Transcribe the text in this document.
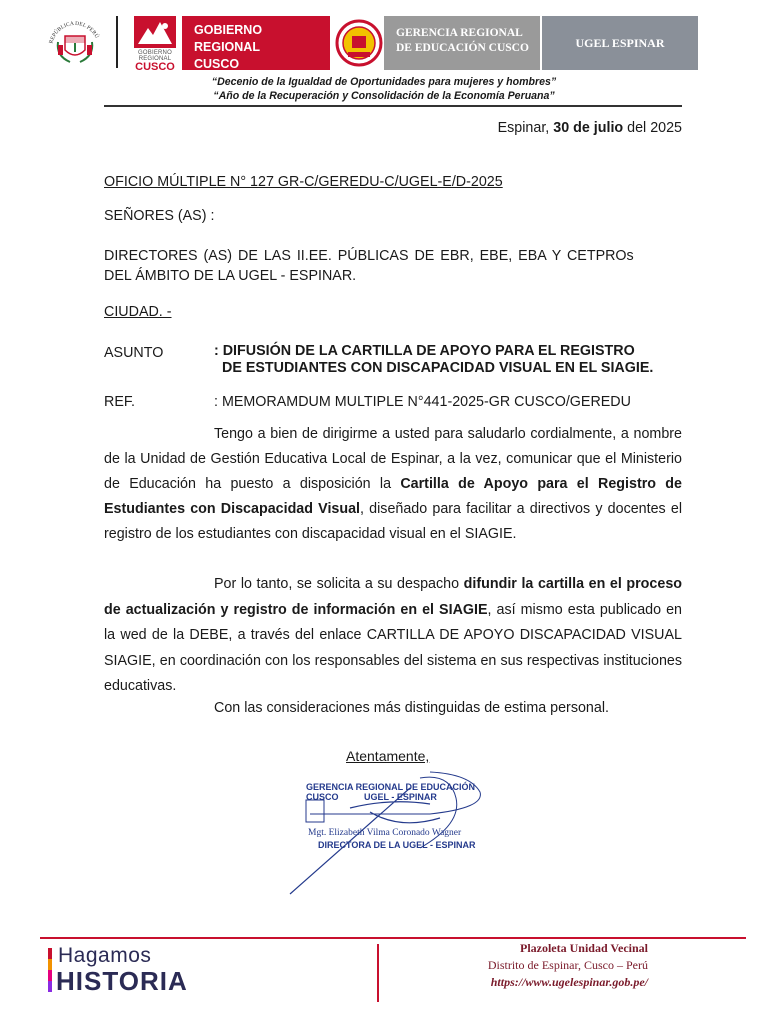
REPÚBLICA DEL PERÚ
GOBIERNO REGIONAL
CUSCO
GOBIERNO REGIONAL
CUSCO
GERENCIA REGIONAL
DE EDUCACIÓN CUSCO	UGEL ESPINAR
“Decenio de la Igualdad de Oportunidades para mujeres y hombres”
“Año de la Recuperación y Consolidación de la Economía Peruana”
Espinar, 30 de julio del 2025
OFICIO MÚLTIPLE N° 127 GR-C/GEREDU-C/UGEL-E/D-2025
SEÑORES (AS) :
DIRECTORES (AS) DE LAS II.EE. PÚBLICAS DE EBR, EBE, EBA Y CETPROs
DEL ÁMBITO DE LA UGEL - ESPINAR.
CIUDAD. -
ASUNTO	: DIFUSIÓN DE LA CARTILLA DE APOYO PARA EL REGISTRO
DE ESTUDIANTES CON DISCAPACIDAD VISUAL EN EL SIAGIE.
REF.	: MEMORAMDUM MULTIPLE N°441-2025-GR CUSCO/GEREDU
Tengo a bien de dirigirme a usted para saludarlo cordialmente, a nombre de la Unidad de Gestión Educativa Local de Espinar, a la vez, comunicar que el Ministerio de Educación ha puesto a disposición la Cartilla de Apoyo para el Registro de Estudiantes con Discapacidad Visual, diseñado para facilitar a directivos y docentes el registro de los estudiantes con discapacidad visual en el SIAGIE.
Por lo tanto, se solicita a su despacho difundir la cartilla en el proceso de actualización y registro de información en el SIAGIE, así mismo esta publicado en la wed de la DEBE, a través del enlace CARTILLA DE APOYO DISCAPACIDAD VISUAL SIAGIE, en coordinación con los responsables del sistema en sus respectivas instituciones educativas.
Con las consideraciones más distinguidas de estima personal.
Atentamente,
GERENCIA REGIONAL DE EDUCACIÓN CUSCO	UGEL - ESPINAR
Mgt. Elizabeth Vilma Coronado Wagner
DIRECTORA DE LA UGEL - ESPINAR
Hagamos
HISTORIA
Plazoleta Unidad Vecinal
Distrito de Espinar, Cusco – Perú
https://www.ugelespinar.gob.pe/
